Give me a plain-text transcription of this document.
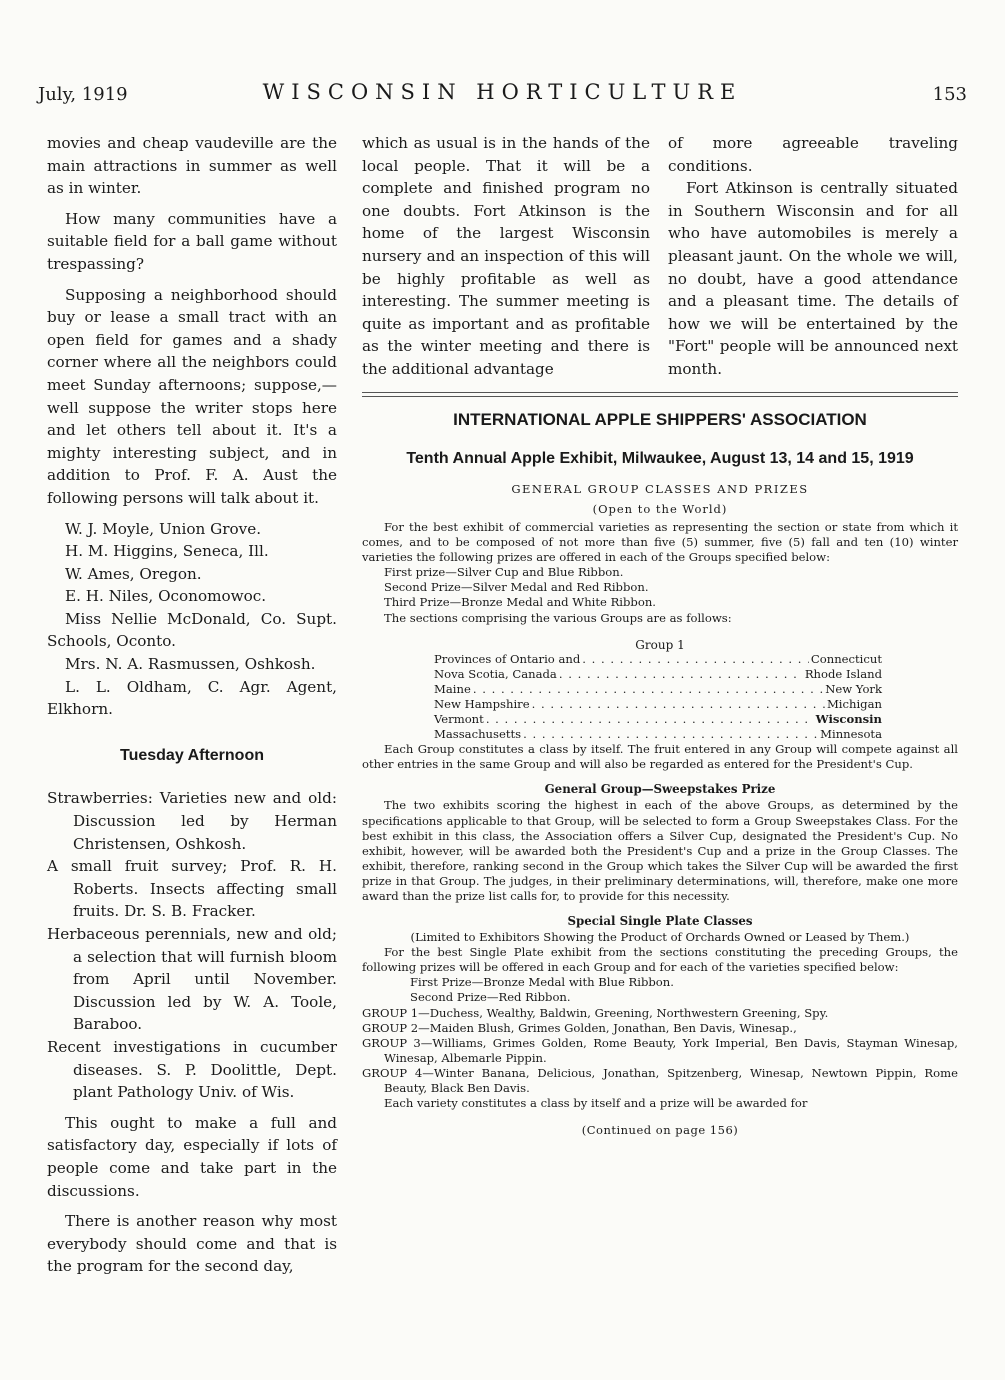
July, 1919	WISCONSIN HORTICULTURE	153

movies and cheap vaudeville are the main attractions in summer as well as in winter.

How many communities have a suitable field for a ball game without trespassing?

Supposing a neighborhood should buy or lease a small tract with an open field for games and a shady corner where all the neighbors could meet Sunday afternoons; suppose,—well suppose the writer stops here and let others tell about it. It's a mighty interesting subject, and in addition to Prof. F. A. Aust the following persons will talk about it.

W. J. Moyle, Union Grove.

H. M. Higgins, Seneca, Ill.

W. Ames, Oregon.

E. H. Niles, Oconomowoc.

Miss Nellie McDonald, Co. Supt. Schools, Oconto.

Mrs. N. A. Rasmussen, Oshkosh.

L. L. Oldham, C. Agr. Agent, Elkhorn.

Tuesday Afternoon

Strawberries: Varieties new and old: Discussion led by Herman Christensen, Oshkosh.

A small fruit survey; Prof. R. H. Roberts. Insects affecting small fruits. Dr. S. B. Fracker.

Herbaceous perennials, new and old; a selection that will furnish bloom from April until November. Discussion led by W. A. Toole, Baraboo.

Recent investigations in cucumber diseases. S. P. Doolittle, Dept. plant Pathology Univ. of Wis.

This ought to make a full and satisfactory day, especially if lots of people come and take part in the discussions.

There is another reason why most everybody should come and that is the program for the second day,

which as usual is in the hands of the local people. That it will be a complete and finished program no one doubts. Fort Atkinson is the home of the largest Wisconsin nursery and an inspection of this will be highly profitable as well as interesting. The summer meeting is quite as important and as profitable as the winter meeting and there is the additional advantage

of more agreeable traveling conditions.

Fort Atkinson is centrally situated in Southern Wisconsin and for all who have automobiles is merely a pleasant jaunt. On the whole we will, no doubt, have a good attendance and a pleasant time. The details of how we will be entertained by the "Fort" people will be announced next month.

INTERNATIONAL APPLE SHIPPERS' ASSOCIATION

Tenth Annual Apple Exhibit, Milwaukee, August 13, 14 and 15, 1919

GENERAL GROUP CLASSES AND PRIZES

(Open to the World)

For the best exhibit of commercial varieties as representing the section or state from which it comes, and to be composed of not more than five (5) summer, five (5) fall and ten (10) winter varieties the following prizes are offered in each of the Groups specified below:

First prize—Silver Cup and Blue Ribbon.

Second Prize—Silver Medal and Red Ribbon.

Third Prize—Bronze Medal and White Ribbon.

The sections comprising the various Groups are as follows:

Group 1

Provinces of Ontario and . . .	Connecticut
Nova Scotia, Canada . . .	Rhode Island
Maine . . .	New York
New Hampshire . . .	Michigan
Vermont . . .	Wisconsin
Massachusetts . . .	Minnesota

Each Group constitutes a class by itself. The fruit entered in any Group will compete against all other entries in the same Group and will also be regarded as entered for the President's Cup.

General Group—Sweepstakes Prize

The two exhibits scoring the highest in each of the above Groups, as determined by the specifications applicable to that Group, will be selected to form a Group Sweepstakes Class. For the best exhibit in this class, the Association offers a Silver Cup, designated the President's Cup. No exhibit, however, will be awarded both the President's Cup and a prize in the Group Classes. The exhibit, therefore, ranking second in the Group which takes the Silver Cup will be awarded the first prize in that Group. The judges, in their preliminary determinations, will, therefore, make one more award than the prize list calls for, to provide for this necessity.

Special Single Plate Classes

(Limited to Exhibitors Showing the Product of Orchards Owned or Leased by Them.)

For the best Single Plate exhibit from the sections constituting the preceding Groups, the following prizes will be offered in each Group and for each of the varieties specified below:

First Prize—Bronze Medal with Blue Ribbon.

Second Prize—Red Ribbon.

GROUP 1—Duchess, Wealthy, Baldwin, Greening, Northwestern Greening, Spy.

GROUP 2—Maiden Blush, Grimes Golden, Jonathan, Ben Davis, Winesap.,

GROUP 3—Williams, Grimes Golden, Rome Beauty, York Imperial, Ben Davis, Stayman Winesap, Winesap, Albemarle Pippin.

GROUP 4—Winter Banana, Delicious, Jonathan, Spitzenberg, Winesap, Newtown Pippin, Rome Beauty, Black Ben Davis.

Each variety constitutes a class by itself and a prize will be awarded for

(Continued on page 156)
